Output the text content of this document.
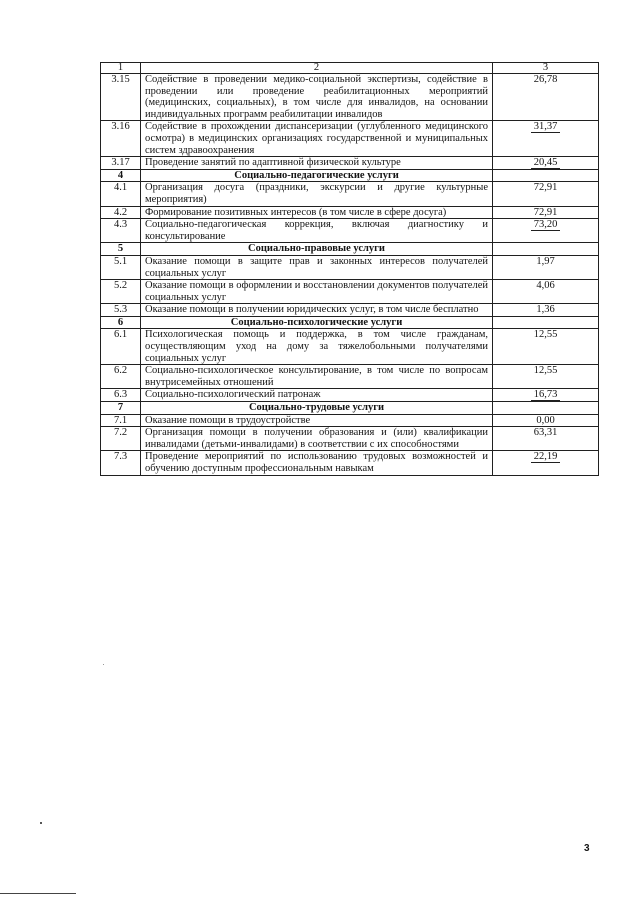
1	2	3
3.15	Содействие в проведении медико-социальной экспертизы, содействие в проведении или проведение реабилитационных мероприятий (медицинских, социальных), в том числе для инвалидов, на основании индивидуальных программ реабилитации инвалидов	26,78
3.16	Содействие в прохождении диспансеризации (углубленного медицинского осмотра) в медицинских организациях государственной и муниципальных систем здравоохранения	31,37
3.17	Проведение занятий по адаптивной физической культуре	20,45
4	Социально-педагогические услуги	
4.1	Организация досуга (праздники, экскурсии и другие культурные мероприятия)	72,91
4.2	Формирование позитивных интересов (в том числе в сфере досуга)	72,91
4.3	Социально-педагогическая коррекция, включая диагностику и консультирование	73,20
5	Социально-правовые услуги	
5.1	Оказание помощи в защите прав и законных интересов получателей социальных услуг	1,97
5.2	Оказание помощи в оформлении и восстановлении документов получателей социальных услуг	4,06
5.3	Оказание помощи в получении юридических услуг, в том числе бесплатно	1,36
6	Социально-психологические услуги	
6.1	Психологическая помощь и поддержка, в том числе гражданам, осуществляющим уход на дому за тяжелобольными получателями социальных услуг	12,55
6.2	Социально-психологическое консультирование, в том числе по вопросам внутрисемейных отношений	12,55
6.3	Социально-психологический патронаж	16,73
7	Социально-трудовые услуги	
7.1	Оказание помощи в трудоустройстве	0,00
7.2	Организация помощи в получении образования и (или) квалификации инвалидами (детьми-инвалидами) в соответствии с их способностями	63,31
7.3	Проведение мероприятий по использованию трудовых возможностей и обучению доступным профессиональным навыкам	22,19
3
